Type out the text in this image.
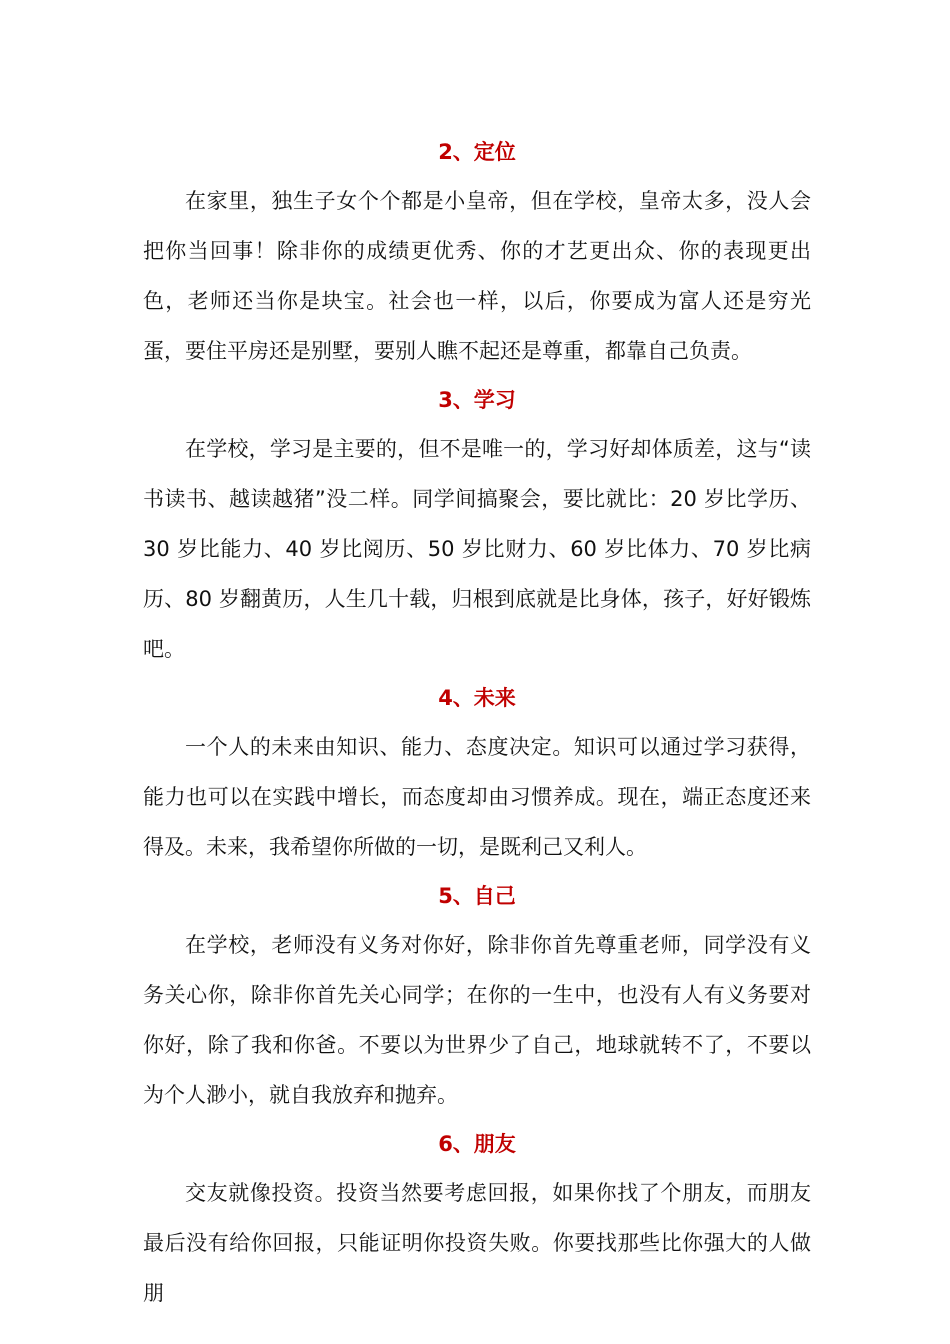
2、定位

在家里，独生子女个个都是小皇帝，但在学校，皇帝太多，没人会把你当回事！除非你的成绩更优秀、你的才艺更出众、你的表现更出色，老师还当你是块宝。社会也一样，以后，你要成为富人还是穷光蛋，要住平房还是别墅，要别人瞧不起还是尊重，都靠自己负责。

3、学习

在学校，学习是主要的，但不是唯一的，学习好却体质差，这与“读书读书、越读越猪”没二样。同学间搞聚会，要比就比：20 岁比学历、30 岁比能力、40 岁比阅历、50 岁比财力、60 岁比体力、70 岁比病历、80 岁翻黄历，人生几十载，归根到底就是比身体，孩子，好好锻炼吧。

4、未来

一个人的未来由知识、能力、态度决定。知识可以通过学习获得，能力也可以在实践中增长，而态度却由习惯养成。现在，端正态度还来得及。未来，我希望你所做的一切，是既利己又利人。

5、自己

在学校，老师没有义务对你好，除非你首先尊重老师，同学没有义务关心你，除非你首先关心同学；在你的一生中，也没有人有义务要对你好，除了我和你爸。不要以为世界少了自己，地球就转不了，不要以为个人渺小，就自我放弃和抛弃。

6、朋友

交友就像投资。投资当然要考虑回报，如果你找了个朋友，而朋友最后没有给你回报，只能证明你投资失败。你要找那些比你强大的人做朋
